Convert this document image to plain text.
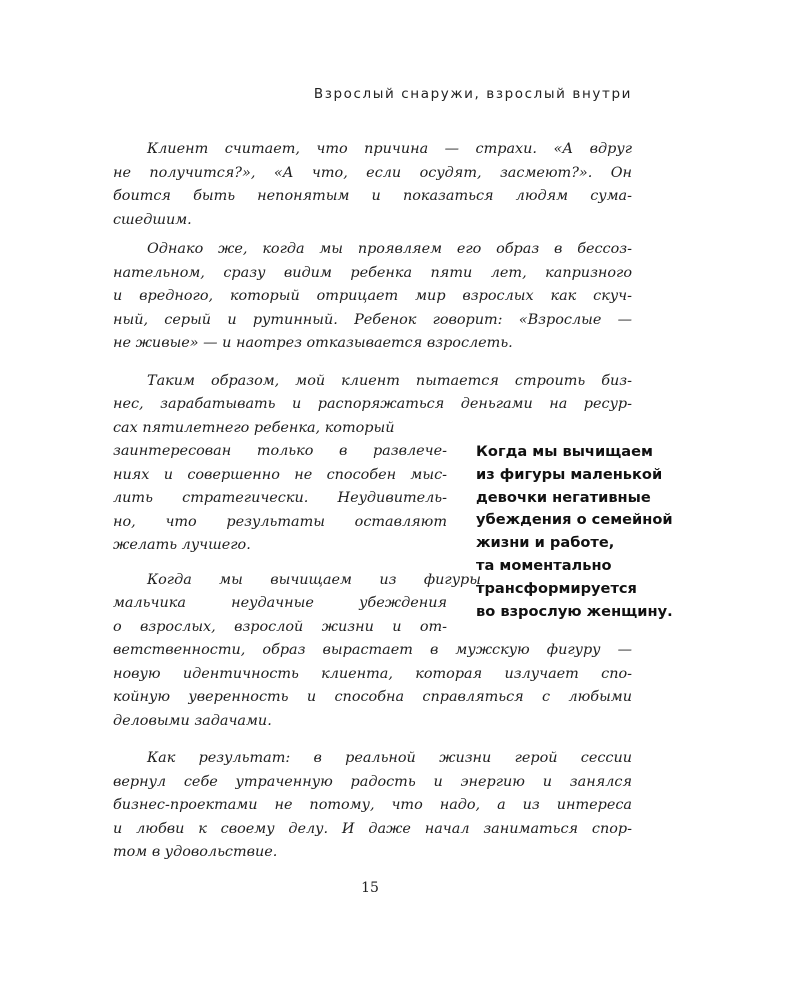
Взрослый снаружи, взрослый внутри
Клиент считает, что причина — страхи. «А вдруг
не получится?», «А что, если осудят, засмеют?». Он
боится быть непонятым и показаться людям сума-
сшедшим.
Однако же, когда мы проявляем его образ в бессоз-
нательном, сразу видим ребенка пяти лет, капризного
и вредного, который отрицает мир взрослых как скуч-
ный, серый и рутинный. Ребенок говорит: «Взрослые —
не живые» — и наотрез отказывается взрослеть.
Таким образом, мой клиент пытается строить биз-
нес, зарабатывать и распоряжаться деньгами на ресур-
сах пятилетнего ребенка, который
заинтересован только в развлече-
ниях и совершенно не способен мыс-
лить стратегически. Неудивитель-
но, что результаты оставляют
желать лучшего.
Когда мы вычищаем из фигуры
мальчика неудачные убеждения
о взрослых, взрослой жизни и от-
ветственности, образ вырастает в мужскую фигуру —
новую идентичность клиента, которая излучает спо-
койную уверенность и способна справляться с любыми
деловыми задачами.
Как результат: в реальной жизни герой сессии
вернул себе утраченную радость и энергию и занялся
бизнес-проектами не потому, что надо, а из интереса
и любви к своему делу. И даже начал заниматься спор-
том в удовольствие.
Когда мы вычищаем
из фигуры маленькой
девочки негативные
убеждения о семейной
жизни и работе,
та моментально
трансформируется
во взрослую женщину.
15
